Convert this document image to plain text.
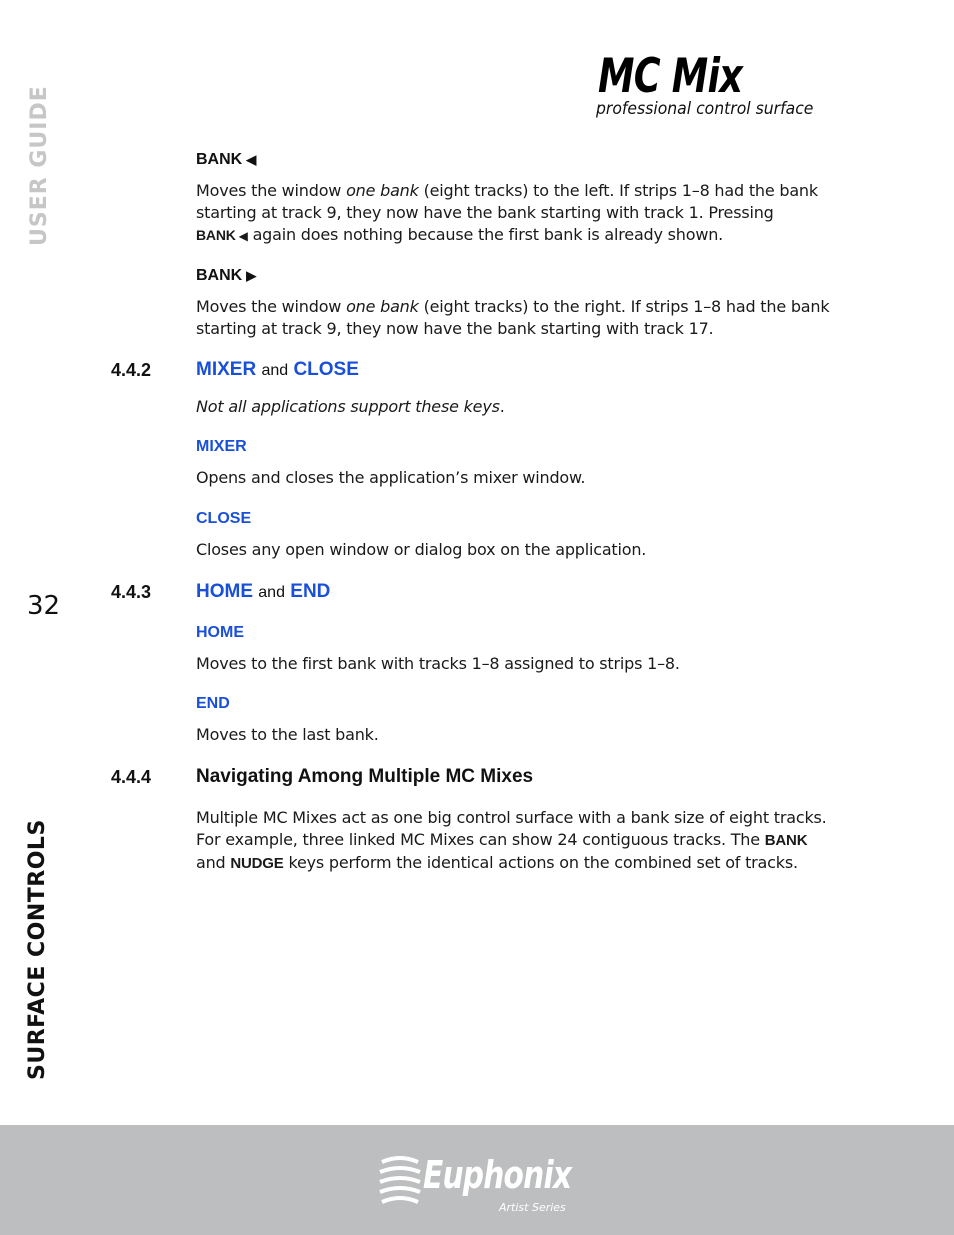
MC Mix
professional control surface
USER GUIDE
SURFACE CONTROLS
32
BANK ◀
Moves the window one bank (eight tracks) to the left. If strips 1–8 had the bank
starting at track 9, they now have the bank starting with track 1. Pressing
BANK ◀ again does nothing because the first bank is already shown.
BANK ▶
Moves the window one bank (eight tracks) to the right. If strips 1–8 had the bank
starting at track 9, they now have the bank starting with track 17.
4.4.2 MIXER and CLOSE
Not all applications support these keys.
MIXER
Opens and closes the application’s mixer window.
CLOSE
Closes any open window or dialog box on the application.
4.4.3 HOME and END
HOME
Moves to the first bank with tracks 1–8 assigned to strips 1–8.
END
Moves to the last bank.
4.4.4 Navigating Among Multiple MC Mixes
Multiple MC Mixes act as one big control surface with a bank size of eight tracks.
For example, three linked MC Mixes can show 24 contiguous tracks. The BANK
and NUDGE keys perform the identical actions on the combined set of tracks.
Euphonix
Artist Series
